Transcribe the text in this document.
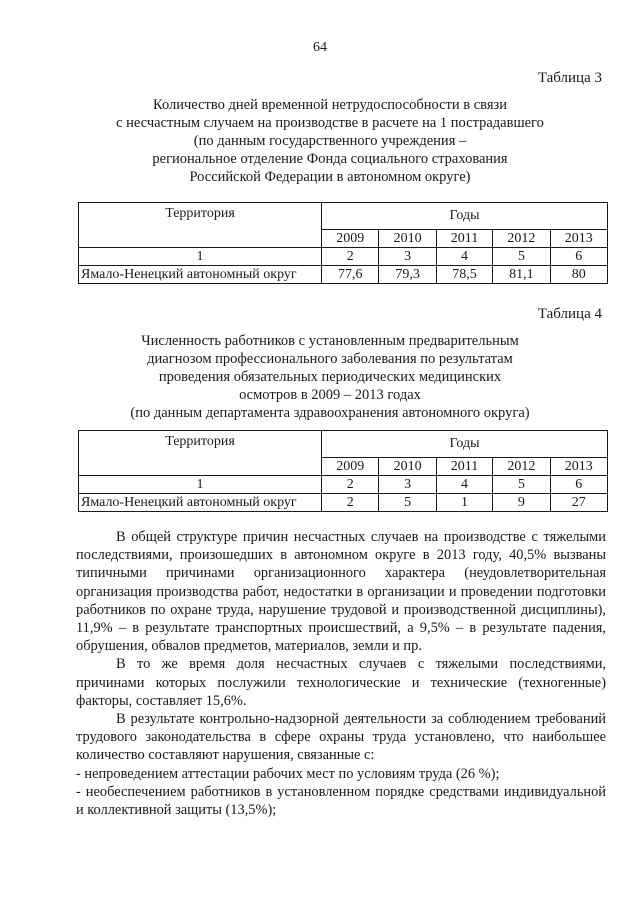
64
Таблица 3
Количество дней временной нетрудоспособности в связи
с несчастным случаем на производстве в расчете на 1 пострадавшего
(по данным государственного учреждения –
региональное отделение Фонда социального страхования
Российской Федерации в автономном округе)
Территория	Годы				
	2009	2010	2011	2012	2013
1	2	3	4	5	6
Ямало-Ненецкий автономный округ	77,6	79,3	78,5	81,1	80
Таблица 4
Численность работников с установленным предварительным
диагнозом профессионального заболевания по результатам
проведения обязательных периодических медицинских
осмотров в 2009 – 2013 годах
(по данным департамента здравоохранения автономного округа)
Территория	Годы				
	2009	2010	2011	2012	2013
1	2	3	4	5	6
Ямало-Ненецкий автономный округ	2	5	1	9	27

В общей структуре причин несчастных случаев на производстве с тяжелыми последствиями, произошедших в автономном округе в 2013 году, 40,5% вызваны типичными причинами организационного характера (неудовлетворительная организация производства работ, недостатки в организации и проведении подготовки работников по охране труда, нарушение трудовой и производственной дисциплины), 11,9% – в результате транспортных происшествий, а 9,5% – в результате падения, обрушения, обвалов предметов, материалов, земли и пр.

В то же время доля несчастных случаев с тяжелыми последствиями, причинами которых послужили технологические и технические (техногенные) факторы, составляет 15,6%.

В результате контрольно-надзорной деятельности за соблюдением требований трудового законодательства в сфере охраны труда установлено, что наибольшее количество составляют нарушения, связанные с:

- непроведением аттестации рабочих мест по условиям труда (26 %);

- необеспечением работников в установленном порядке средствами индивидуальной и коллективной защиты (13,5%);
